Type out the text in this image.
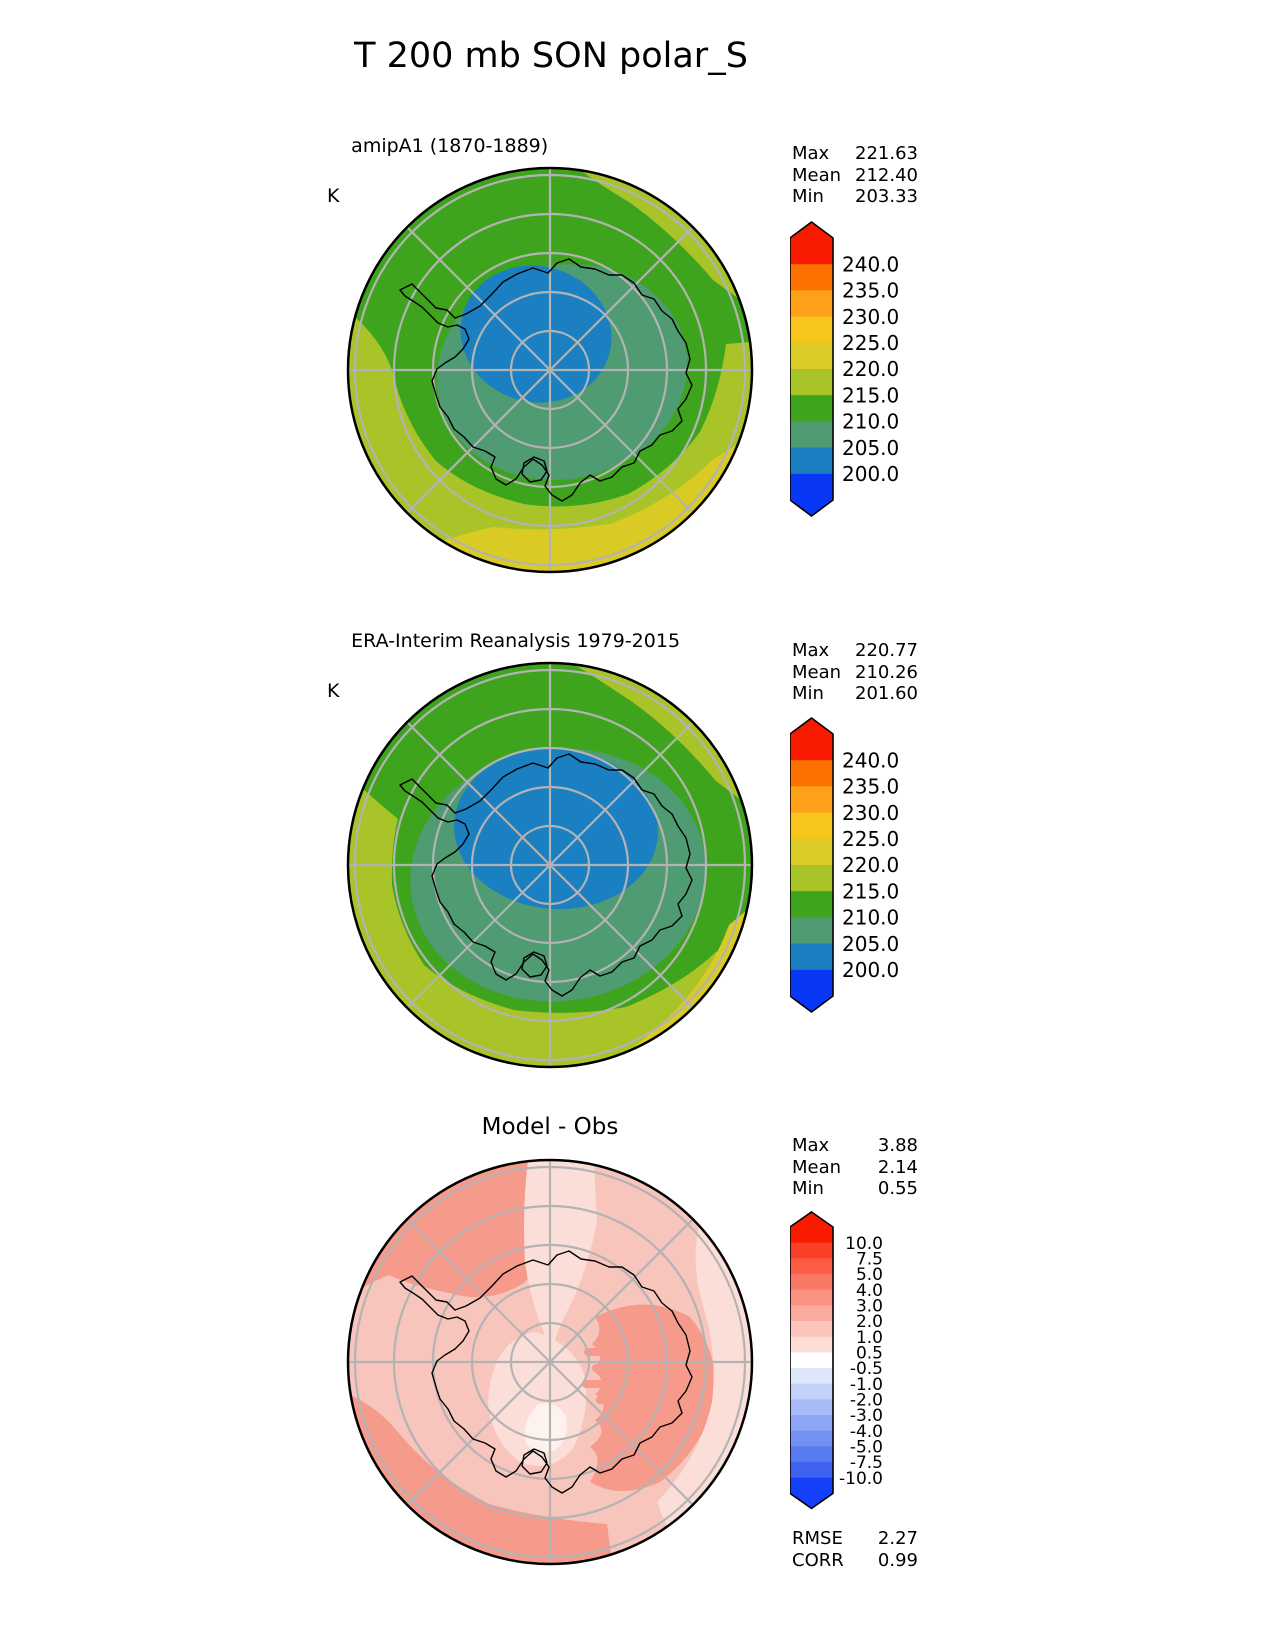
T 200 mb SON polar_S

amipA1 (1870-1889)

K

Max 221.63
Mean 212.40
Min 203.33
240.0
235.0
230.0
225.0
220.0
215.0
210.0
205.0
200.0

ERA-Interim Reanalysis 1979-2015

K

Max 220.77
Mean 210.26
Min 201.60
240.0
235.0
230.0
225.0
220.0
215.0
210.0
205.0
200.0
Model - Obs
Max	3.88
Mean 2.14
Min	0.55
10.0
7.5
5.0
4.0
3.0
2.0
1.0
0.5
-0.5
-1.0
-2.0
-3.0
-4.0
-5.0
-7.5
-10.0
RMSE 2.27
CORR 0.99
